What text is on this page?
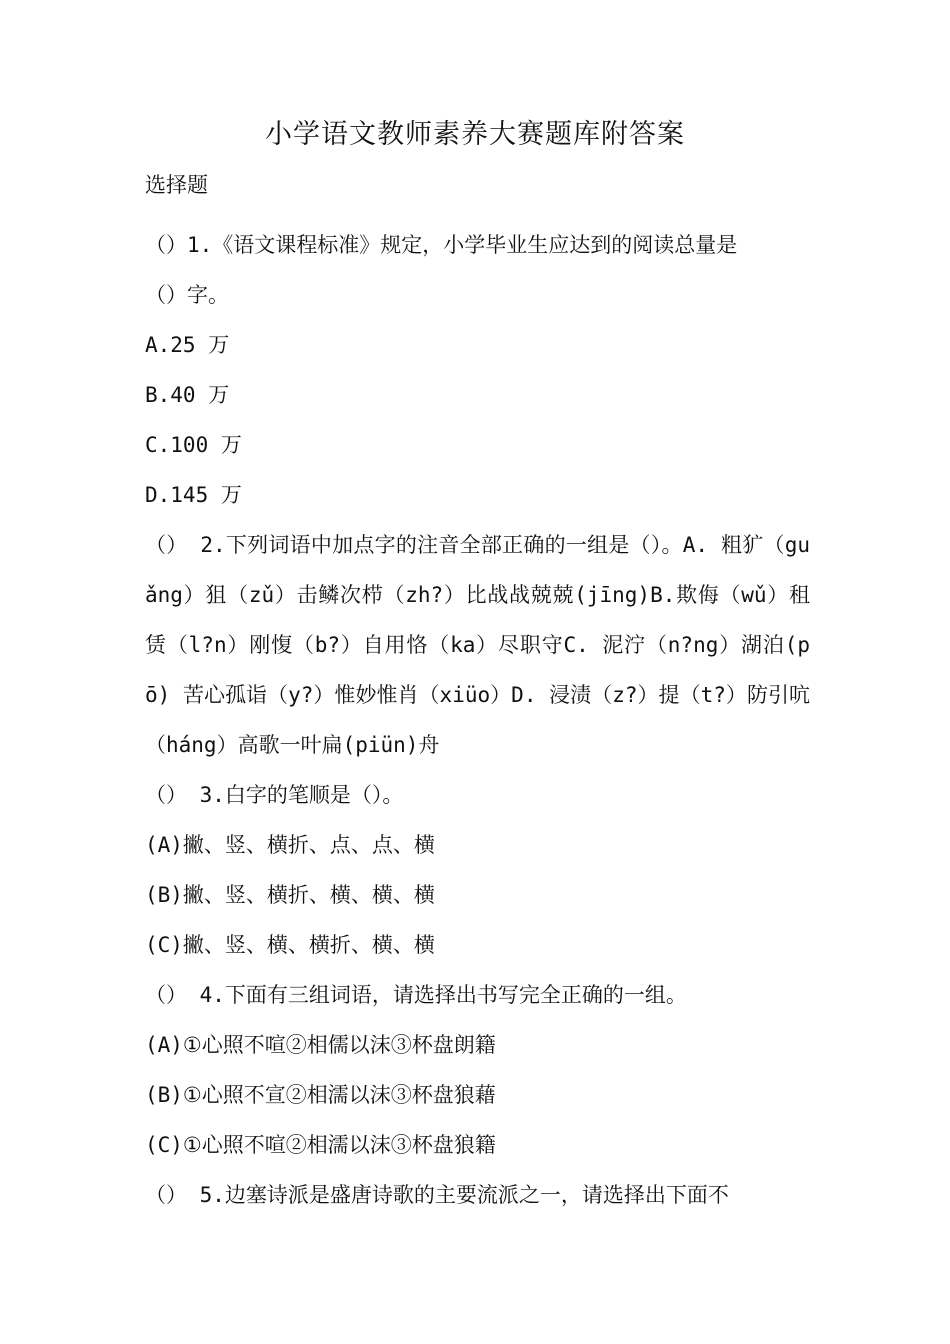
小学语文教师素养大赛题库附答案
选择题
（）1.《语文课程标准》规定，小学毕业生应达到的阅读总量是
（）字。
A.25 万
B.40 万
C.100 万
D.145 万
（） 2.下列词语中加点字的注音全部正确的一组是（）。A. 粗犷（guǎng）狙（zǔ）击鳞次栉（zh?）比战战兢兢(jīng)B.欺侮（wǔ）租赁（l?n）刚愎（b?）自用恪（ka）尽职守C. 泥泞（n?ng）湖泊(pō) 苦心孤诣（y?）惟妙惟肖（xiüo）D. 浸渍（z?）提（t?）防引吭（háng）高歌一叶扁(piün)舟
（） 3.白字的笔顺是（）。
(A)撇、竖、横折、点、点、横
(B)撇、竖、横折、横、横、横
(C)撇、竖、横、横折、横、横
（） 4.下面有三组词语，请选择出书写完全正确的一组。
(A)①心照不喧②相儒以沫③杯盘朗籍
(B)①心照不宣②相濡以沫③杯盘狼藉
(C)①心照不喧②相濡以沫③杯盘狼籍
（） 5.边塞诗派是盛唐诗歌的主要流派之一，请选择出下面不
